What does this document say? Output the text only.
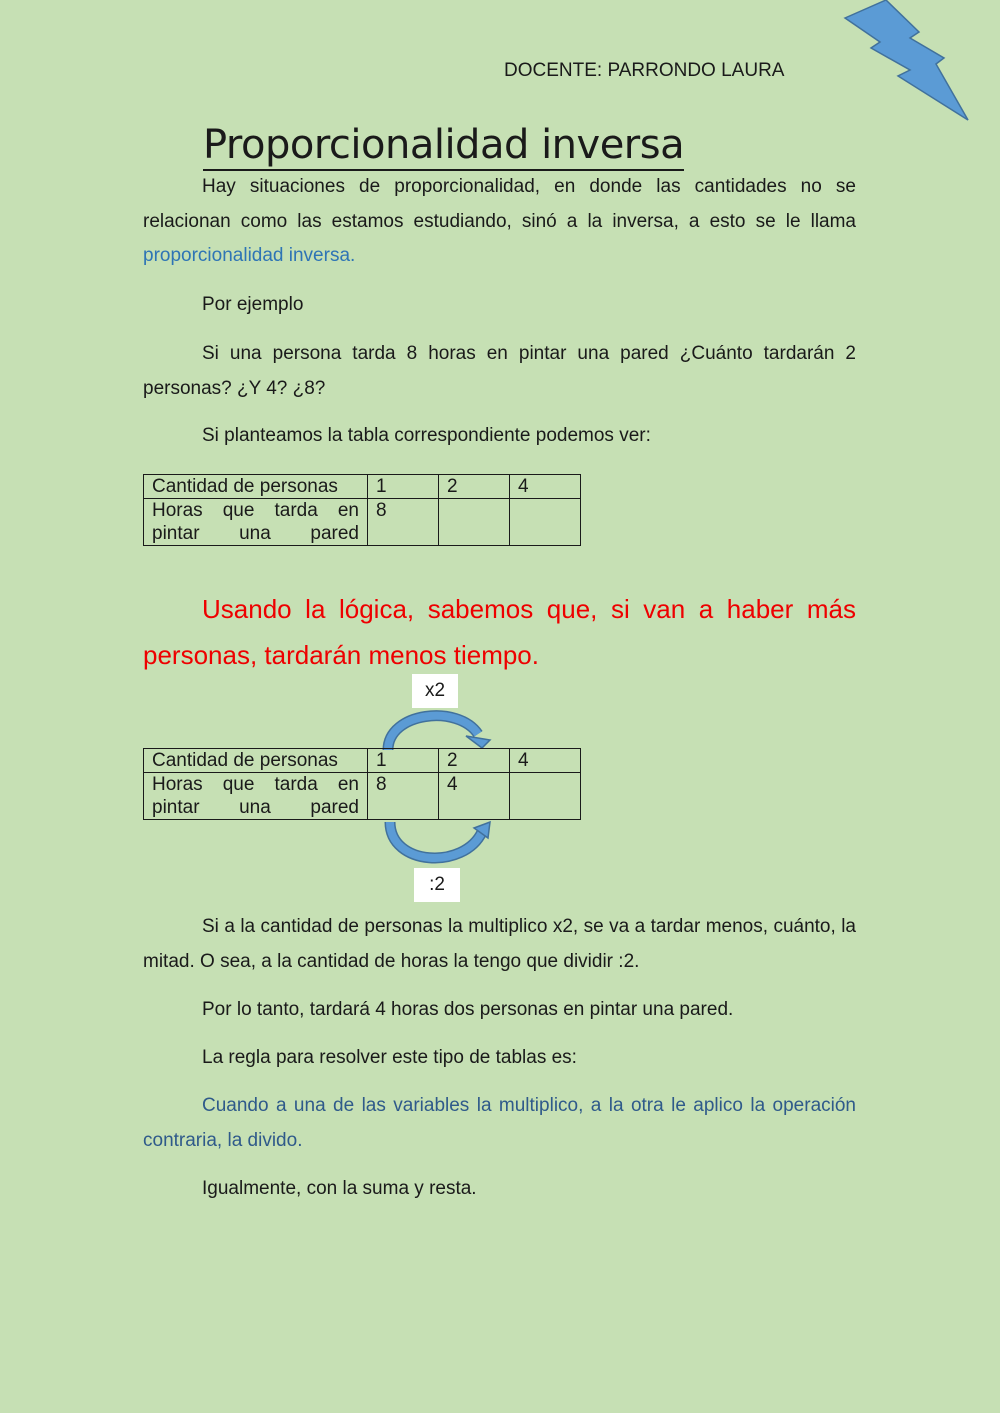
DOCENTE: PARRONDO LAURA
Proporcionalidad inversa
Hay situaciones de proporcionalidad, en donde las cantidades no se relacionan como las estamos estudiando, sinó a la inversa, a esto se le llama proporcionalidad inversa.
Por ejemplo
Si una persona tarda 8 horas en pintar una pared ¿Cuánto tardarán 2 personas? ¿Y 4? ¿8?
Si planteamos la tabla correspondiente podemos ver:
Cantidad de personas	1	2	4

Horas que tarda en pintar una pared	8		
Usando la lógica, sabemos que, si van a haber más personas, tardarán menos tiempo.
x2
Cantidad de personas	1	2	4

Horas que tarda en pintar una pared	8	4	
:2
Si a la cantidad de personas la multiplico x2, se va a tardar menos, cuánto, la mitad. O sea, a la cantidad de horas la tengo que dividir :2.
Por lo tanto, tardará 4 horas dos personas en pintar una pared.
La regla para resolver este tipo de tablas es:
Cuando a una de las variables la multiplico, a la otra le aplico la operación contraria, la divido.
Igualmente, con la suma y resta.
